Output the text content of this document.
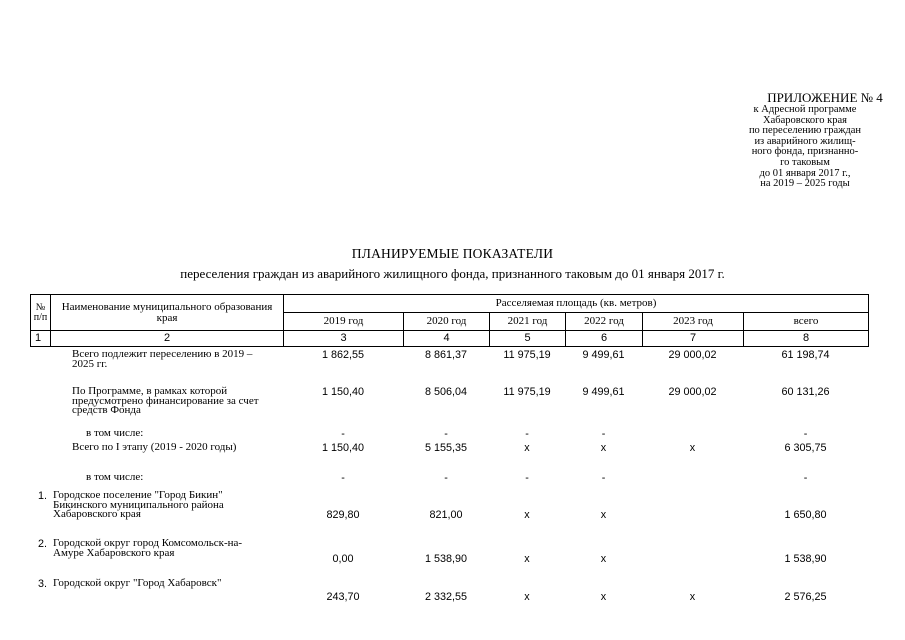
ПРИЛОЖЕНИЕ № 4
к Адресной программе
Хабаровского края
по переселению граждан
из аварийного жилищ-
ного фонда, признанно-
го таковым
до 01 января 2017 г.,
на 2019 – 2025 годы
ПЛАНИРУЕМЫЕ ПОКАЗАТЕЛИ
переселения граждан из аварийного жилищного фонда, признанного таковым до 01 января 2017 г.
№ п/п	Наименование муниципального образования края	Расселяемая площадь (кв. метров)					
		2019 год	2020 год	2021 год	2022 год	2023 год	всего
1	2	3	4	5	6	7	8
	Всего подлежит переселению в 2019 – 2025 гг.	1 862,55	8 861,37	11 975,19	9 499,61	29 000,02	61 198,74
	По Программе, в рамках которой предусмотрено финансирование за счет средств Фонда	1 150,40	8 506,04	11 975,19	9 499,61	29 000,02	60 131,26
	в том числе:	-	-	-	-		-
	Всего по I этапу (2019 - 2020 годы)	1 150,40	5 155,35	x	x	x	6 305,75
	в том числе:	-	-	-	-		-
1.	Городское поселение "Город Бикин" Бикинского муниципального района Хабаровского края	829,80	821,00	x	x		1 650,80
2.	Городской округ город Комсомольск-на-Амуре Хабаровского края	0,00	1 538,90	x	x		1 538,90
3.	Городской округ "Город Хабаровск"	243,70	2 332,55	x	x	x	2 576,25
